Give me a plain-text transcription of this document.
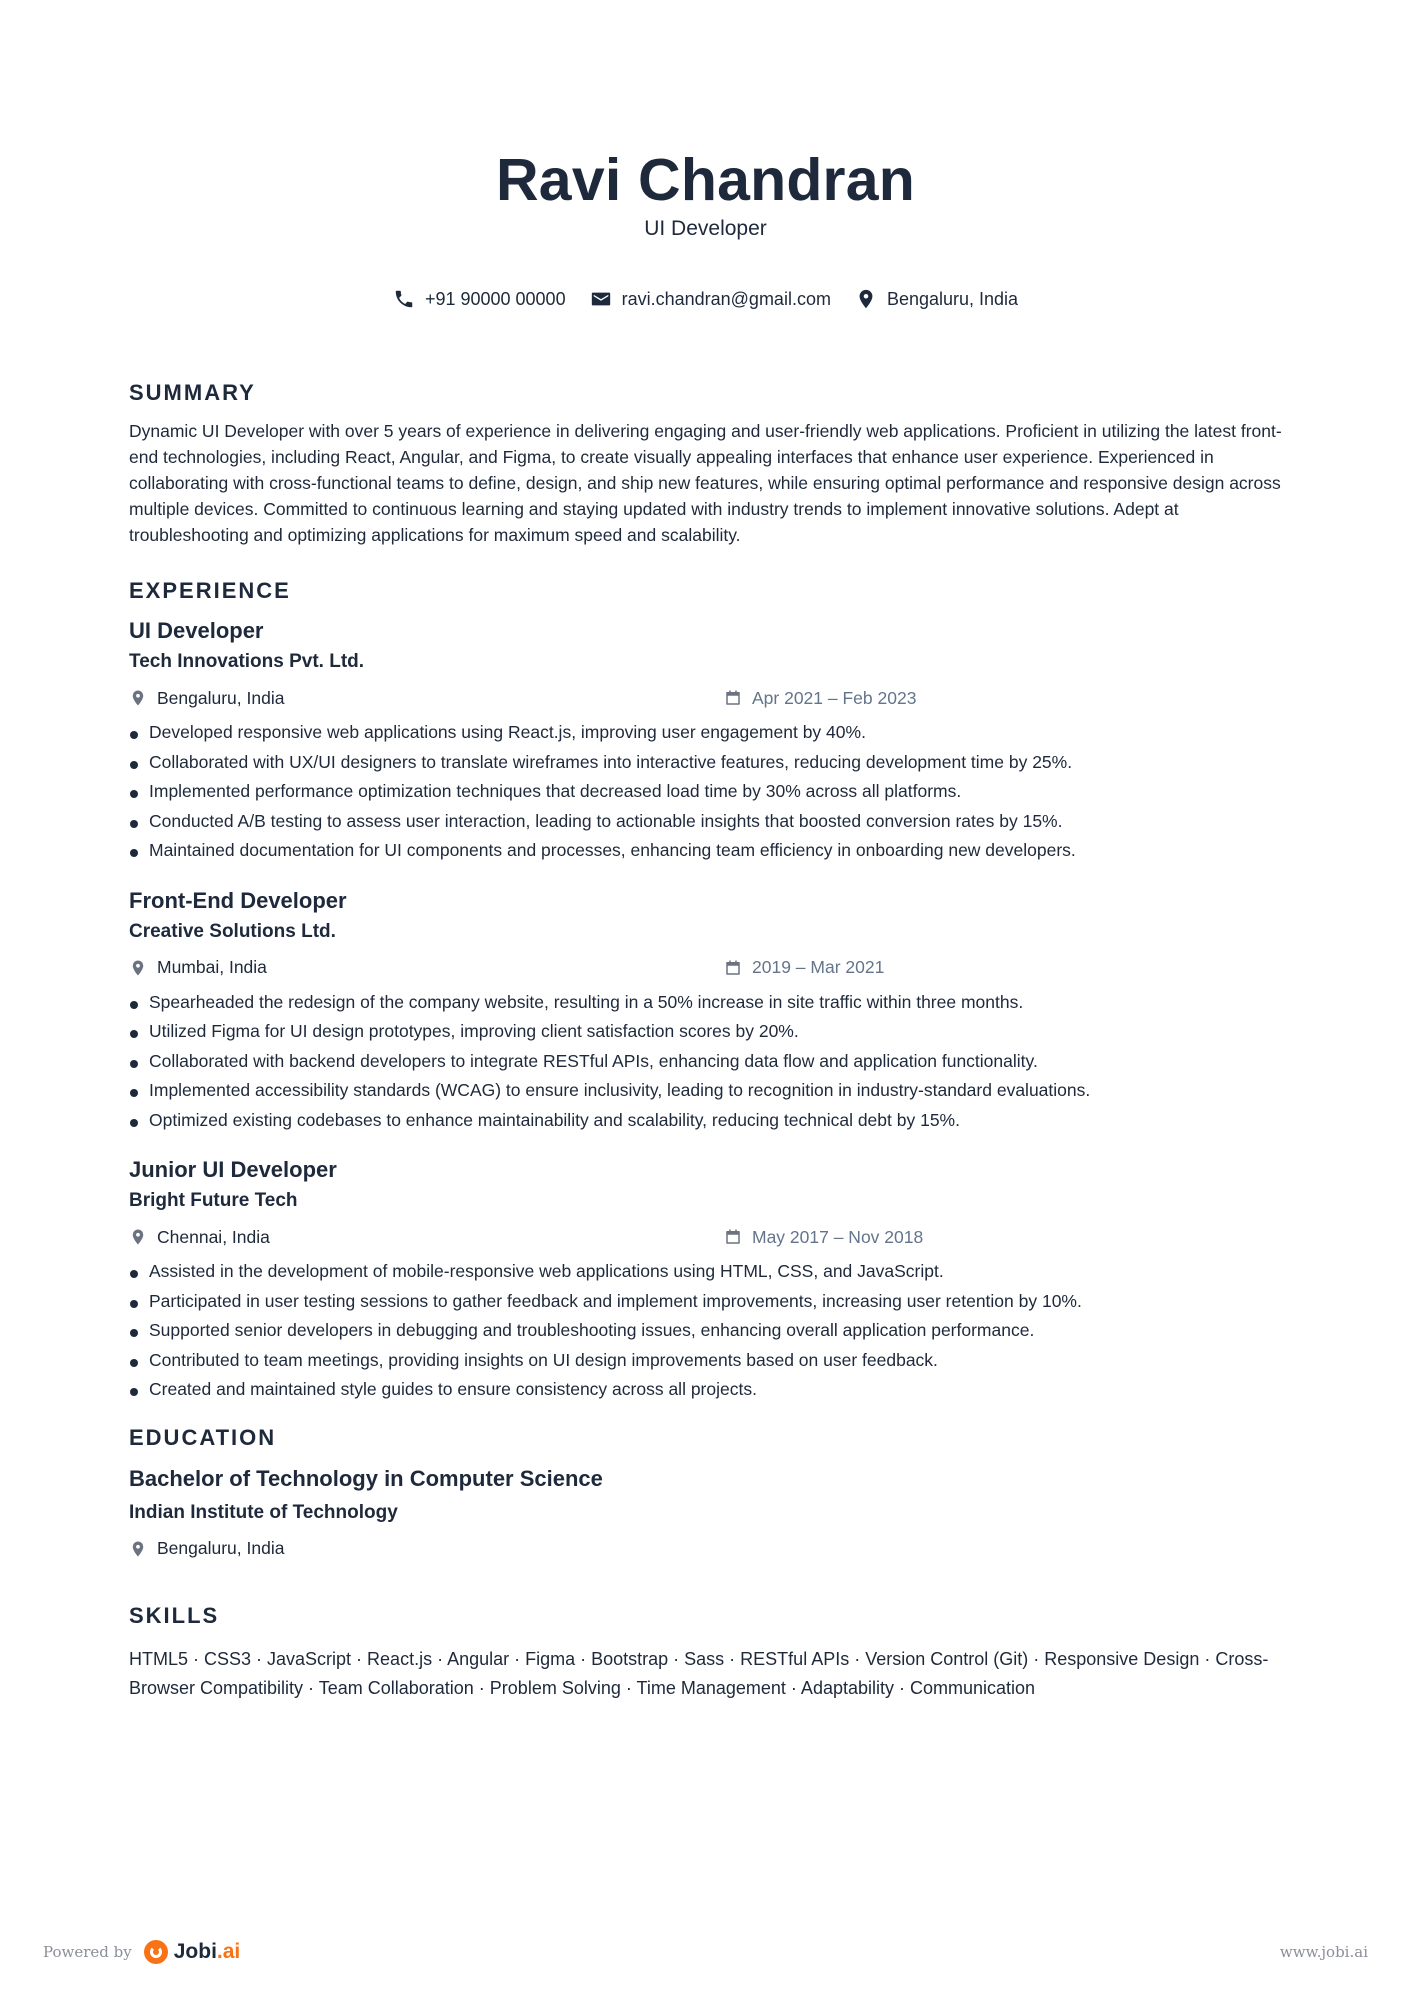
Ravi Chandran
UI Developer
+91 90000 00000	ravi.chandran@gmail.com	Bengaluru, India
SUMMARY

Dynamic UI Developer with over 5 years of experience in delivering engaging and user-friendly web applications. Proficient in utilizing the latest front-end technologies, including React, Angular, and Figma, to create visually appealing interfaces that enhance user experience. Experienced in collaborating with cross-functional teams to define, design, and ship new features, while ensuring optimal performance and responsive design across multiple devices. Committed to continuous learning and staying updated with industry trends to implement innovative solutions. Adept at troubleshooting and optimizing applications for maximum speed and scalability.

EXPERIENCE
UI Developer
Tech Innovations Pvt. Ltd.
Bengaluru, India	Apr 2021 – Feb 2023
Developed responsive web applications using React.js, improving user engagement by 40%.
Collaborated with UX/UI designers to translate wireframes into interactive features, reducing development time by 25%.
Implemented performance optimization techniques that decreased load time by 30% across all platforms.
Conducted A/B testing to assess user interaction, leading to actionable insights that boosted conversion rates by 15%.
Maintained documentation for UI components and processes, enhancing team efficiency in onboarding new developers.
Front-End Developer
Creative Solutions Ltd.
Mumbai, India	2019 – Mar 2021
Spearheaded the redesign of the company website, resulting in a 50% increase in site traffic within three months.
Utilized Figma for UI design prototypes, improving client satisfaction scores by 20%.
Collaborated with backend developers to integrate RESTful APIs, enhancing data flow and application functionality.
Implemented accessibility standards (WCAG) to ensure inclusivity, leading to recognition in industry-standard evaluations.
Optimized existing codebases to enhance maintainability and scalability, reducing technical debt by 15%.
Junior UI Developer
Bright Future Tech
Chennai, India	May 2017 – Nov 2018
Assisted in the development of mobile-responsive web applications using HTML, CSS, and JavaScript.
Participated in user testing sessions to gather feedback and implement improvements, increasing user retention by 10%.
Supported senior developers in debugging and troubleshooting issues, enhancing overall application performance.
Contributed to team meetings, providing insights on UI design improvements based on user feedback.
Created and maintained style guides to ensure consistency across all projects.
EDUCATION
Bachelor of Technology in Computer Science
Indian Institute of Technology
Bengaluru, India
SKILLS

HTML5 · CSS3 · JavaScript · React.js · Angular · Figma · Bootstrap · Sass · RESTful APIs · Version Control (Git) · Responsive Design · Cross-Browser Compatibility · Team Collaboration · Problem Solving · Time Management · Adaptability · Communication

Powered by Jobi.ai	www.jobi.ai
